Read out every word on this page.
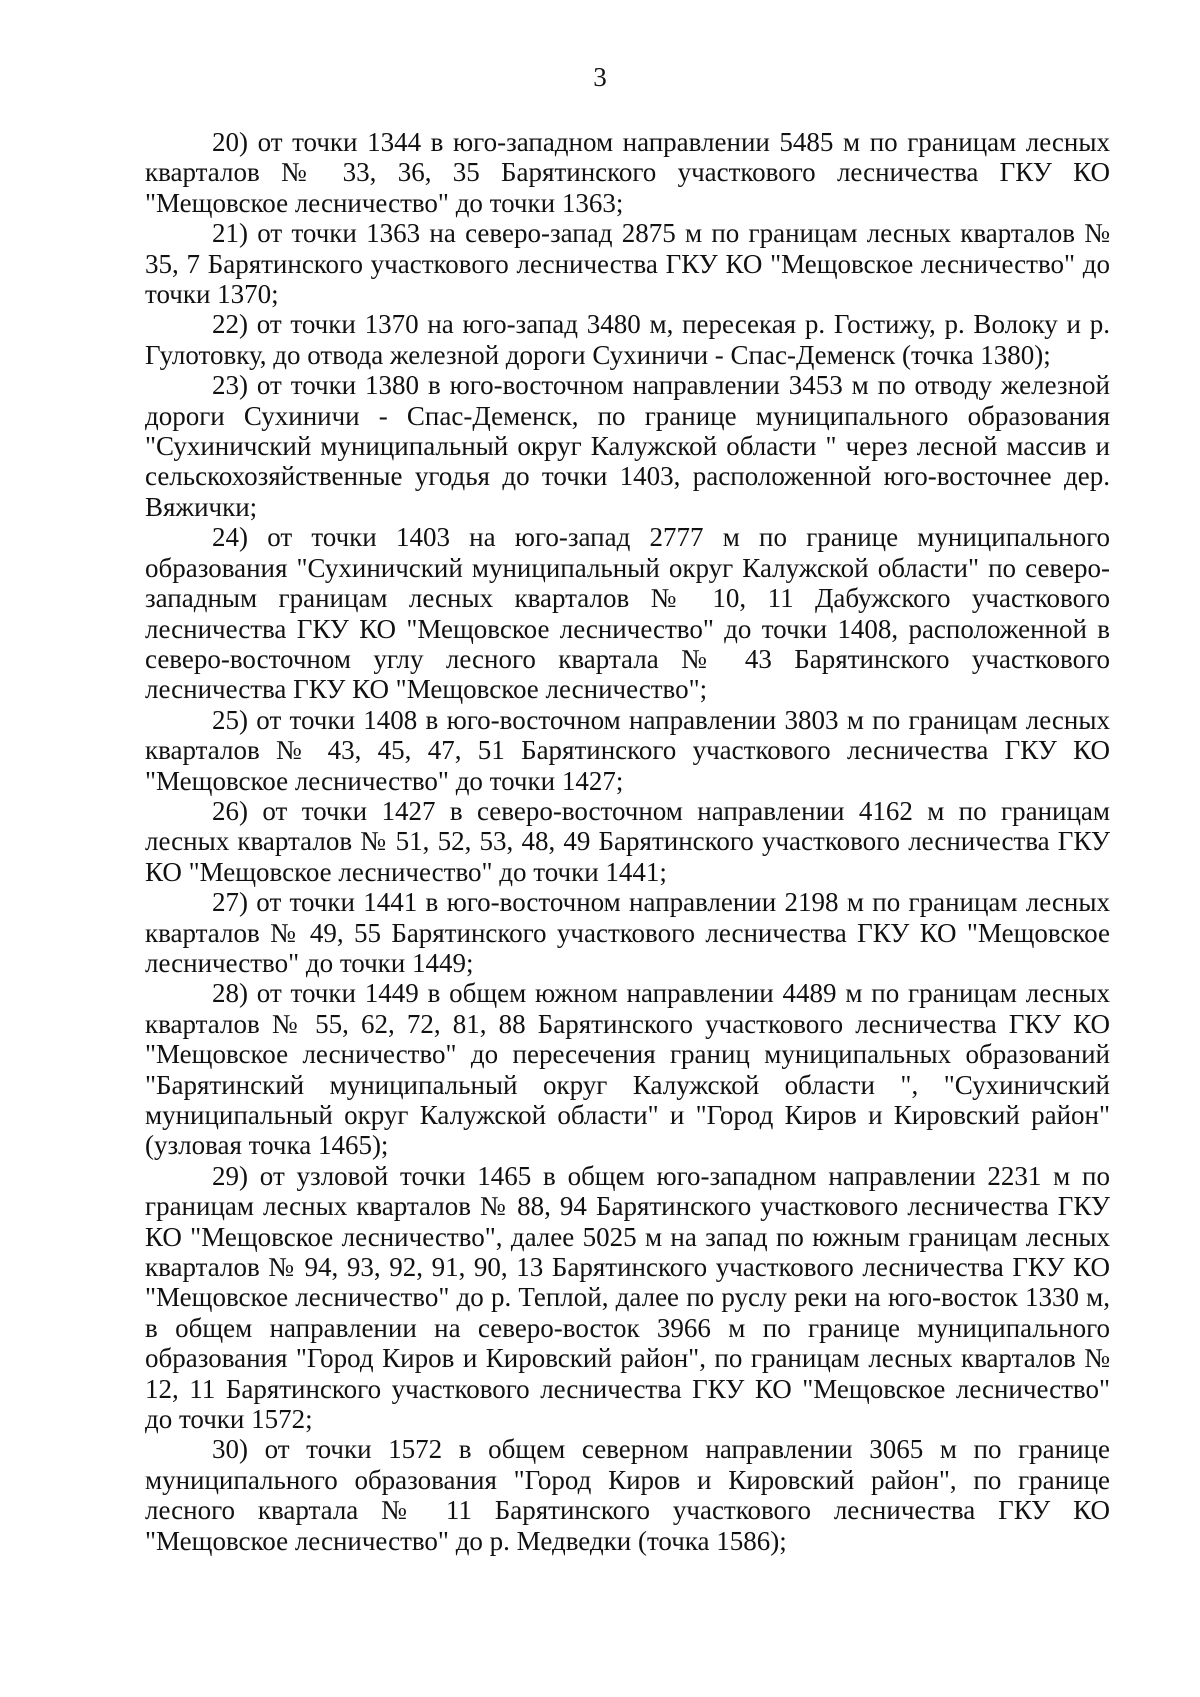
3

20) от точки 1344 в юго-западном направлении 5485 м по границам лесных кварталов № 33, 36, 35 Барятинского участкового лесничества ГКУ КО "Мещовское лесничество" до точки 1363;

21) от точки 1363 на северо-запад 2875 м по границам лесных кварталов № 35, 7 Барятинского участкового лесничества ГКУ КО "Мещовское лесничество" до точки 1370;

22) от точки 1370 на юго-запад 3480 м, пересекая р. Гостижу, р. Волоку и р. Гулотовку, до отвода железной дороги Сухиничи - Спас-Деменск (точка 1380);

23) от точки 1380 в юго-восточном направлении 3453 м по отводу железной дороги Сухиничи - Спас-Деменск, по границе муниципального образования "Сухиничский муниципальный округ Калужской области " через лесной массив и сельскохозяйственные угодья до точки 1403, расположенной юго-восточнее дер. Вяжички;

24) от точки 1403 на юго-запад 2777 м по границе муниципального образования "Сухиничский муниципальный округ Калужской области" по северо-западным границам лесных кварталов № 10, 11 Дабужского участкового лесничества ГКУ КО "Мещовское лесничество" до точки 1408, расположенной в северо-восточном углу лесного квартала № 43 Барятинского участкового лесничества ГКУ КО "Мещовское лесничество";

25) от точки 1408 в юго-восточном направлении 3803 м по границам лесных кварталов № 43, 45, 47, 51 Барятинского участкового лесничества ГКУ КО "Мещовское лесничество" до точки 1427;

26) от точки 1427 в северо-восточном направлении 4162 м по границам лесных кварталов № 51, 52, 53, 48, 49 Барятинского участкового лесничества ГКУ КО "Мещовское лесничество" до точки 1441;

27) от точки 1441 в юго-восточном направлении 2198 м по границам лесных кварталов № 49, 55 Барятинского участкового лесничества ГКУ КО "Мещовское лесничество" до точки 1449;

28) от точки 1449 в общем южном направлении 4489 м по границам лесных кварталов № 55, 62, 72, 81, 88 Барятинского участкового лесничества ГКУ КО "Мещовское лесничество" до пересечения границ муниципальных образований "Барятинский муниципальный округ Калужской области ", "Сухиничский муниципальный округ Калужской области" и "Город Киров и Кировский район" (узловая точка 1465);

29) от узловой точки 1465 в общем юго-западном направлении 2231 м по границам лесных кварталов № 88, 94 Барятинского участкового лесничества ГКУ КО "Мещовское лесничество", далее 5025 м на запад по южным границам лесных кварталов № 94, 93, 92, 91, 90, 13 Барятинского участкового лесничества ГКУ КО "Мещовское лесничество" до р. Теплой, далее по руслу реки на юго-восток 1330 м, в общем направлении на северо-восток 3966 м по границе муниципального образования "Город Киров и Кировский район", по границам лесных кварталов № 12, 11 Барятинского участкового лесничества ГКУ КО "Мещовское лесничество" до точки 1572;

30) от точки 1572 в общем северном направлении 3065 м по границе муниципального образования "Город Киров и Кировский район", по границе лесного квартала № 11 Барятинского участкового лесничества ГКУ КО "Мещовское лесничество" до р. Медведки (точка 1586);
